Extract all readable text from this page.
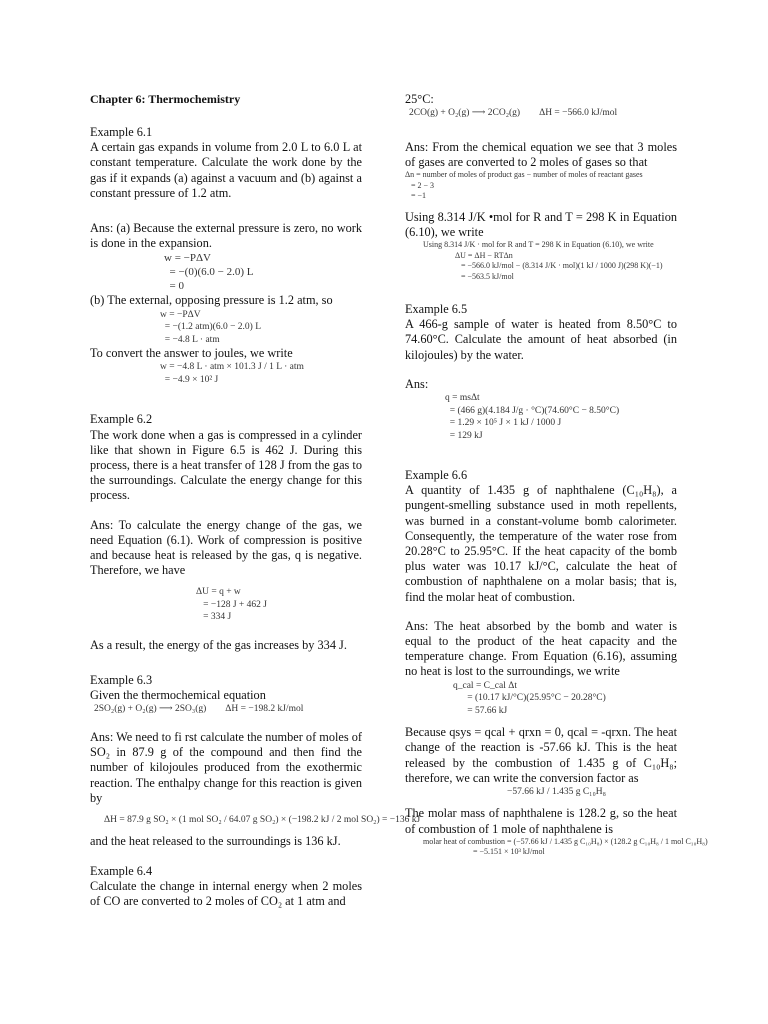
Chapter 6: Thermochemistry

Example 6.1

A certain gas expands in volume from 2.0 L to 6.0 L at constant temperature. Calculate the work done by the gas if it expands (a) against a vacuum and (b) against a constant pressure of 1.2 atm.

Ans: (a) Because the external pressure is zero, no work is done in the expansion.

w = −PΔV

= −(0)(6.0 − 2.0) L

= 0

(b) The external, opposing pressure is 1.2 atm, so

w = −PΔV

= −(1.2 atm)(6.0 − 2.0) L

= −4.8 L · atm

To convert the answer to joules, we write

w = −4.8 L · atm × 101.3 J / 1 L · atm

= −4.9 × 10² J

Example 6.2

The work done when a gas is compressed in a cylinder like that shown in Figure 6.5 is 462 J. During this process, there is a heat transfer of 128 J from the gas to the surroundings. Calculate the energy change for this process.

Ans: To calculate the energy change of the gas, we need Equation (6.1). Work of compression is positive and because heat is released by the gas, q is negative. Therefore, we have

ΔU = q + w

= −128 J + 462 J

= 334 J

As a result, the energy of the gas increases by 334 J.

Example 6.3

Given the thermochemical equation

2SO₂(g) + O₂(g) ⟶ 2SO₃(g)        ΔH = −198.2 kJ/mol

Ans: We need to fi rst calculate the number of moles of SO₂ in 87.9 g of the compound and then find the number of kilojoules produced from the exothermic reaction. The enthalpy change for this reaction is given by

ΔH = 87.9 g SO₂ × (1 mol SO₂ / 64.07 g SO₂) × (−198.2 kJ / 2 mol SO₂) = −136 kJ

and the heat released to the surroundings is 136 kJ.

Example 6.4

Calculate the change in internal energy when 2 moles of CO are converted to 2 moles of CO₂ at 1 atm and

25°C:

2CO(g) + O₂(g) ⟶ 2CO₂(g)        ΔH = −566.0 kJ/mol

Ans: From the chemical equation we see that 3 moles of gases are converted to 2 moles of gases so that

Δn = number of moles of product gas − number of moles of reactant gases

= 2 − 3

= −1

Using 8.314 J/K •mol for R and T = 298 K in Equation (6.10), we write

Using 8.314 J/K · mol for R and T = 298 K in Equation (6.10), we write

ΔU = ΔH − RTΔn

= −566.0 kJ/mol − (8.314 J/K · mol)(1 kJ / 1000 J)(298 K)(−1)

= −563.5 kJ/mol

Example 6.5

A 466-g sample of water is heated from 8.50°C to 74.60°C. Calculate the amount of heat absorbed (in kilojoules) by the water.

Ans:

q = msΔt

= (466 g)(4.184 J/g · °C)(74.60°C − 8.50°C)

= 1.29 × 10⁵ J × 1 kJ / 1000 J

= 129 kJ

Example 6.6

A quantity of 1.435 g of naphthalene (C₁₀H₈), a pungent-smelling substance used in moth repellents, was burned in a constant-volume bomb calorimeter. Consequently, the temperature of the water rose from 20.28°C to 25.95°C. If the heat capacity of the bomb plus water was 10.17 kJ/°C, calculate the heat of combustion of naphthalene on a molar basis; that is, find the molar heat of combustion.

Ans: The heat absorbed by the bomb and water is equal to the product of the heat capacity and the temperature change. From Equation (6.16), assuming no heat is lost to the surroundings, we write

q_cal = C_cal Δt

= (10.17 kJ/°C)(25.95°C − 20.28°C)

= 57.66 kJ

Because qsys = qcal + qrxn = 0, qcal = -qrxn. The heat change of the reaction is -57.66 kJ. This is the heat released by the combustion of 1.435 g of C₁₀H₈; therefore, we can write the conversion factor as

−57.66 kJ / 1.435 g C₁₀H₈

The molar mass of naphthalene is 128.2 g, so the heat of combustion of 1 mole of naphthalene is

molar heat of combustion = (−57.66 kJ / 1.435 g C₁₀H₈) × (128.2 g C₁₀H₈ / 1 mol C₁₀H₈)

= −5.151 × 10³ kJ/mol
